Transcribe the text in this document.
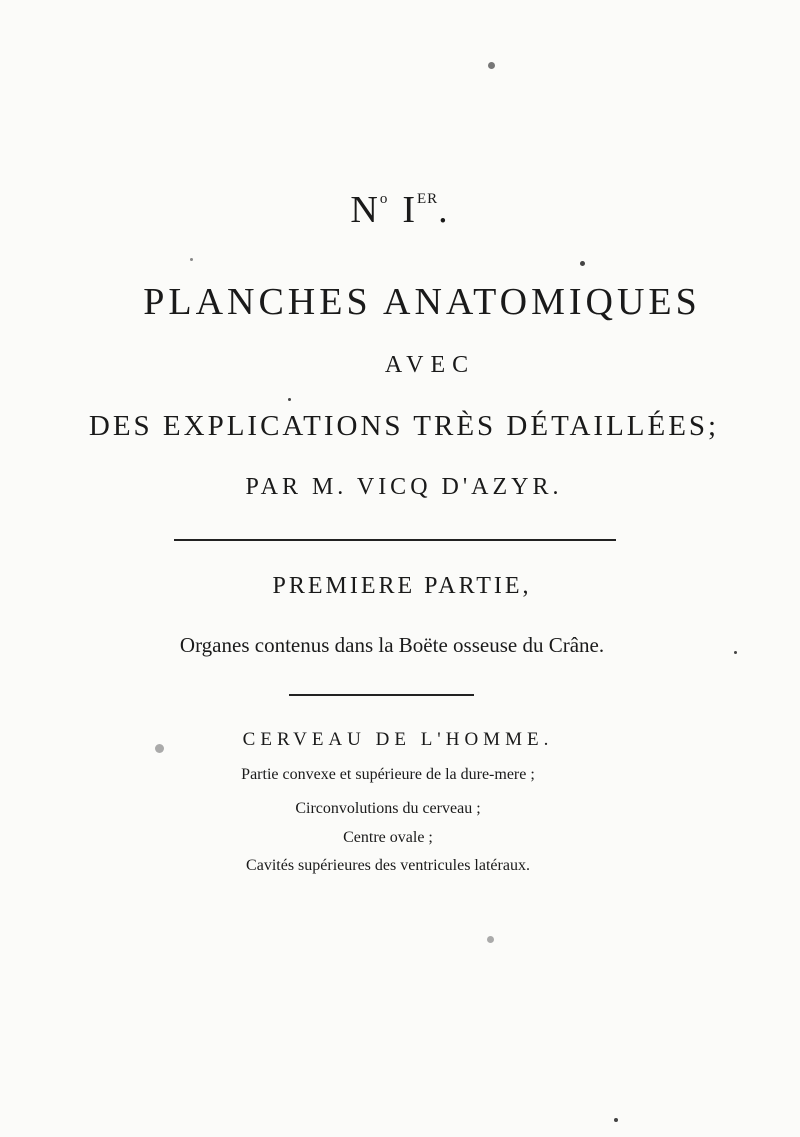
$N^o$ IER.
PLANCHES ANATOMIQUES
AVEC
DES EXPLICATIONS TRÈS DÉTAILLÉES;
PAR M. VICQ D'AZYR.
PREMIERE PARTIE,
Organes contenus dans la Boëte osseuse du Crâne.
CERVEAU DE L'HOMME.
Partie convexe et supérieure de la dure-mere ;
Circonvolutions du cerveau ;
Centre ovale ;
Cavités supérieures des ventricules latéraux.
